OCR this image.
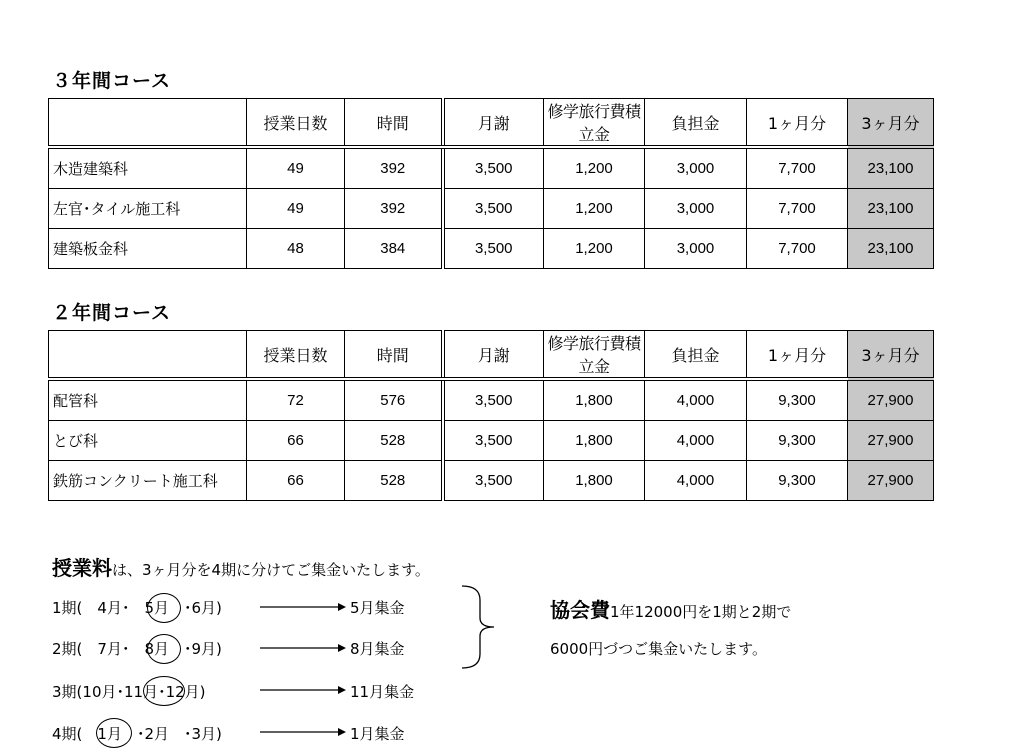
３年間コース
	授業日数	時間	月謝	修学旅行費積立金	負担金	1ヶ月分	3ヶ月分
木造建築科	49	392	3,500	1,200	3,000	7,700	23,100
左官･タイル施工科	49	392	3,500	1,200	3,000	7,700	23,100
建築板金科	48	384	3,500	1,200	3,000	7,700	23,100
２年間コース
	授業日数	時間	月謝	修学旅行費積立金	負担金	1ヶ月分	3ヶ月分
配管科	72	576	3,500	1,800	4,000	9,300	27,900
とび科	66	528	3,500	1,800	4,000	9,300	27,900
鉄筋コンクリート施工科	66	528	3,500	1,800	4,000	9,300	27,900
授業料は、3ヶ月分を4期に分けてご集金いたします。
1期(　4月･　5月　･6月)
2期(　7月･　8月　･9月)
3期(10月･11月･12月)
4期(　1月　･2月　･3月)
5月集金
8月集金
11月集金
1月集金
協会費1年12000円を1期と2期で
6000円づつご集金いたします。
